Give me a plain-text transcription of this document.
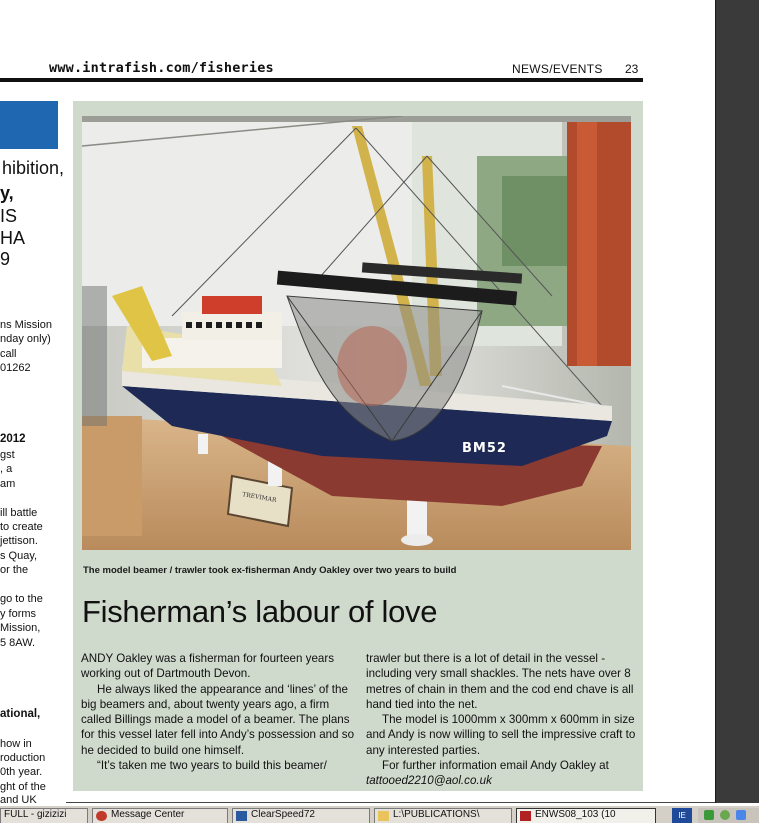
www.intrafish.com/fisheries	NEWS/EVENTS 23
hibition,
y,
IS
HA
9
ns Mission
nday only)
call
01262
2012
gst
, a
am
ill battle
to create
jettison.
s Quay,
or the
go to the
y forms
Mission,
5 8AW.
ational,
how in
roduction
0th year.
ght of the
and UK
TREVIMAR
BM52
The model beamer / trawler took ex-fisherman Andy Oakley over two years to build
Fisherman’s labour of love

ANDY Oakley was a fisherman for fourteen years working out of Dartmouth Devon.

He always liked the appearance and ‘lines’ of the big beamers and, about twenty years ago, a firm called Billings made a model of a beamer. The plans for this vessel later fell into Andy’s possession and so he decided to build one himself.

“It’s taken me two years to build this beamer/

trawler but there is a lot of detail in the vessel - including very small shackles. The nets have over 8 metres of chain in them and the cod end chave is all hand tied into the net.

The model is 1000mm x 300mm x 600mm in size and Andy is now willing to sell the impressive craft to any interested parties.

For further information email Andy Oakley at

tattooed2210@aol.co.uk

FULL - gizizizi	Message Center	ClearSpeed72	L:\PUBLICATIONS\	ENWS08_103 (10	IE
